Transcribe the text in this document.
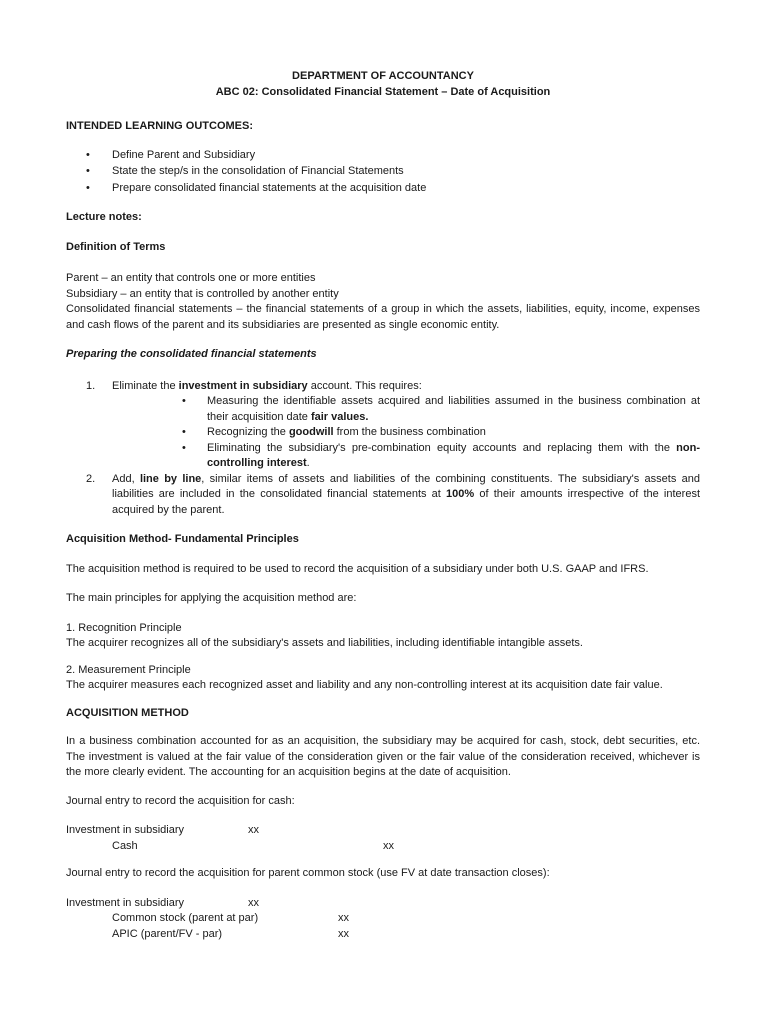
DEPARTMENT OF ACCOUNTANCY

ABC 02: Consolidated Financial Statement – Date of Acquisition

INTENDED LEARNING OUTCOMES:

• Define Parent and Subsidiary
• State the step/s in the consolidation of Financial Statements
• Prepare consolidated financial statements at the acquisition date

Lecture notes:

Definition of Terms

Parent – an entity that controls one or more entities

Subsidiary – an entity that is controlled by another entity

Consolidated financial statements – the financial statements of a group in which the assets, liabilities, equity, income, expenses and cash flows of the parent and its subsidiaries are presented as single economic entity.

Preparing the consolidated financial statements

1. Eliminate the investment in subsidiary account. This requires:
• Measuring the identifiable assets acquired and liabilities assumed in the business combination at their acquisition date fair values.
• Recognizing the goodwill from the business combination
• Eliminating the subsidiary's pre-combination equity accounts and replacing them with the non-controlling interest.
2. Add, line by line, similar items of assets and liabilities of the combining constituents. The subsidiary's assets and liabilities are included in the consolidated financial statements at 100% of their amounts irrespective of the interest acquired by the parent.

Acquisition Method- Fundamental Principles

The acquisition method is required to be used to record the acquisition of a subsidiary under both U.S. GAAP and IFRS.

The main principles for applying the acquisition method are:

1. Recognition Principle

The acquirer recognizes all of the subsidiary's assets and liabilities, including identifiable intangible assets.

2. Measurement Principle

The acquirer measures each recognized asset and liability and any non-controlling interest at its acquisition date fair value.

ACQUISITION METHOD

In a business combination accounted for as an acquisition, the subsidiary may be acquired for cash, stock, debt securities, etc. The investment is valued at the fair value of the consideration given or the fair value of the consideration received, whichever is the more clearly evident. The accounting for an acquisition begins at the date of acquisition.

Journal entry to record the acquisition for cash:

Investment in subsidiary	xx
Cash	xx

Journal entry to record the acquisition for parent common stock (use FV at date transaction closes):

Investment in subsidiary	xx
Common stock (parent at par)	xx
APIC (parent/FV - par)	xx
